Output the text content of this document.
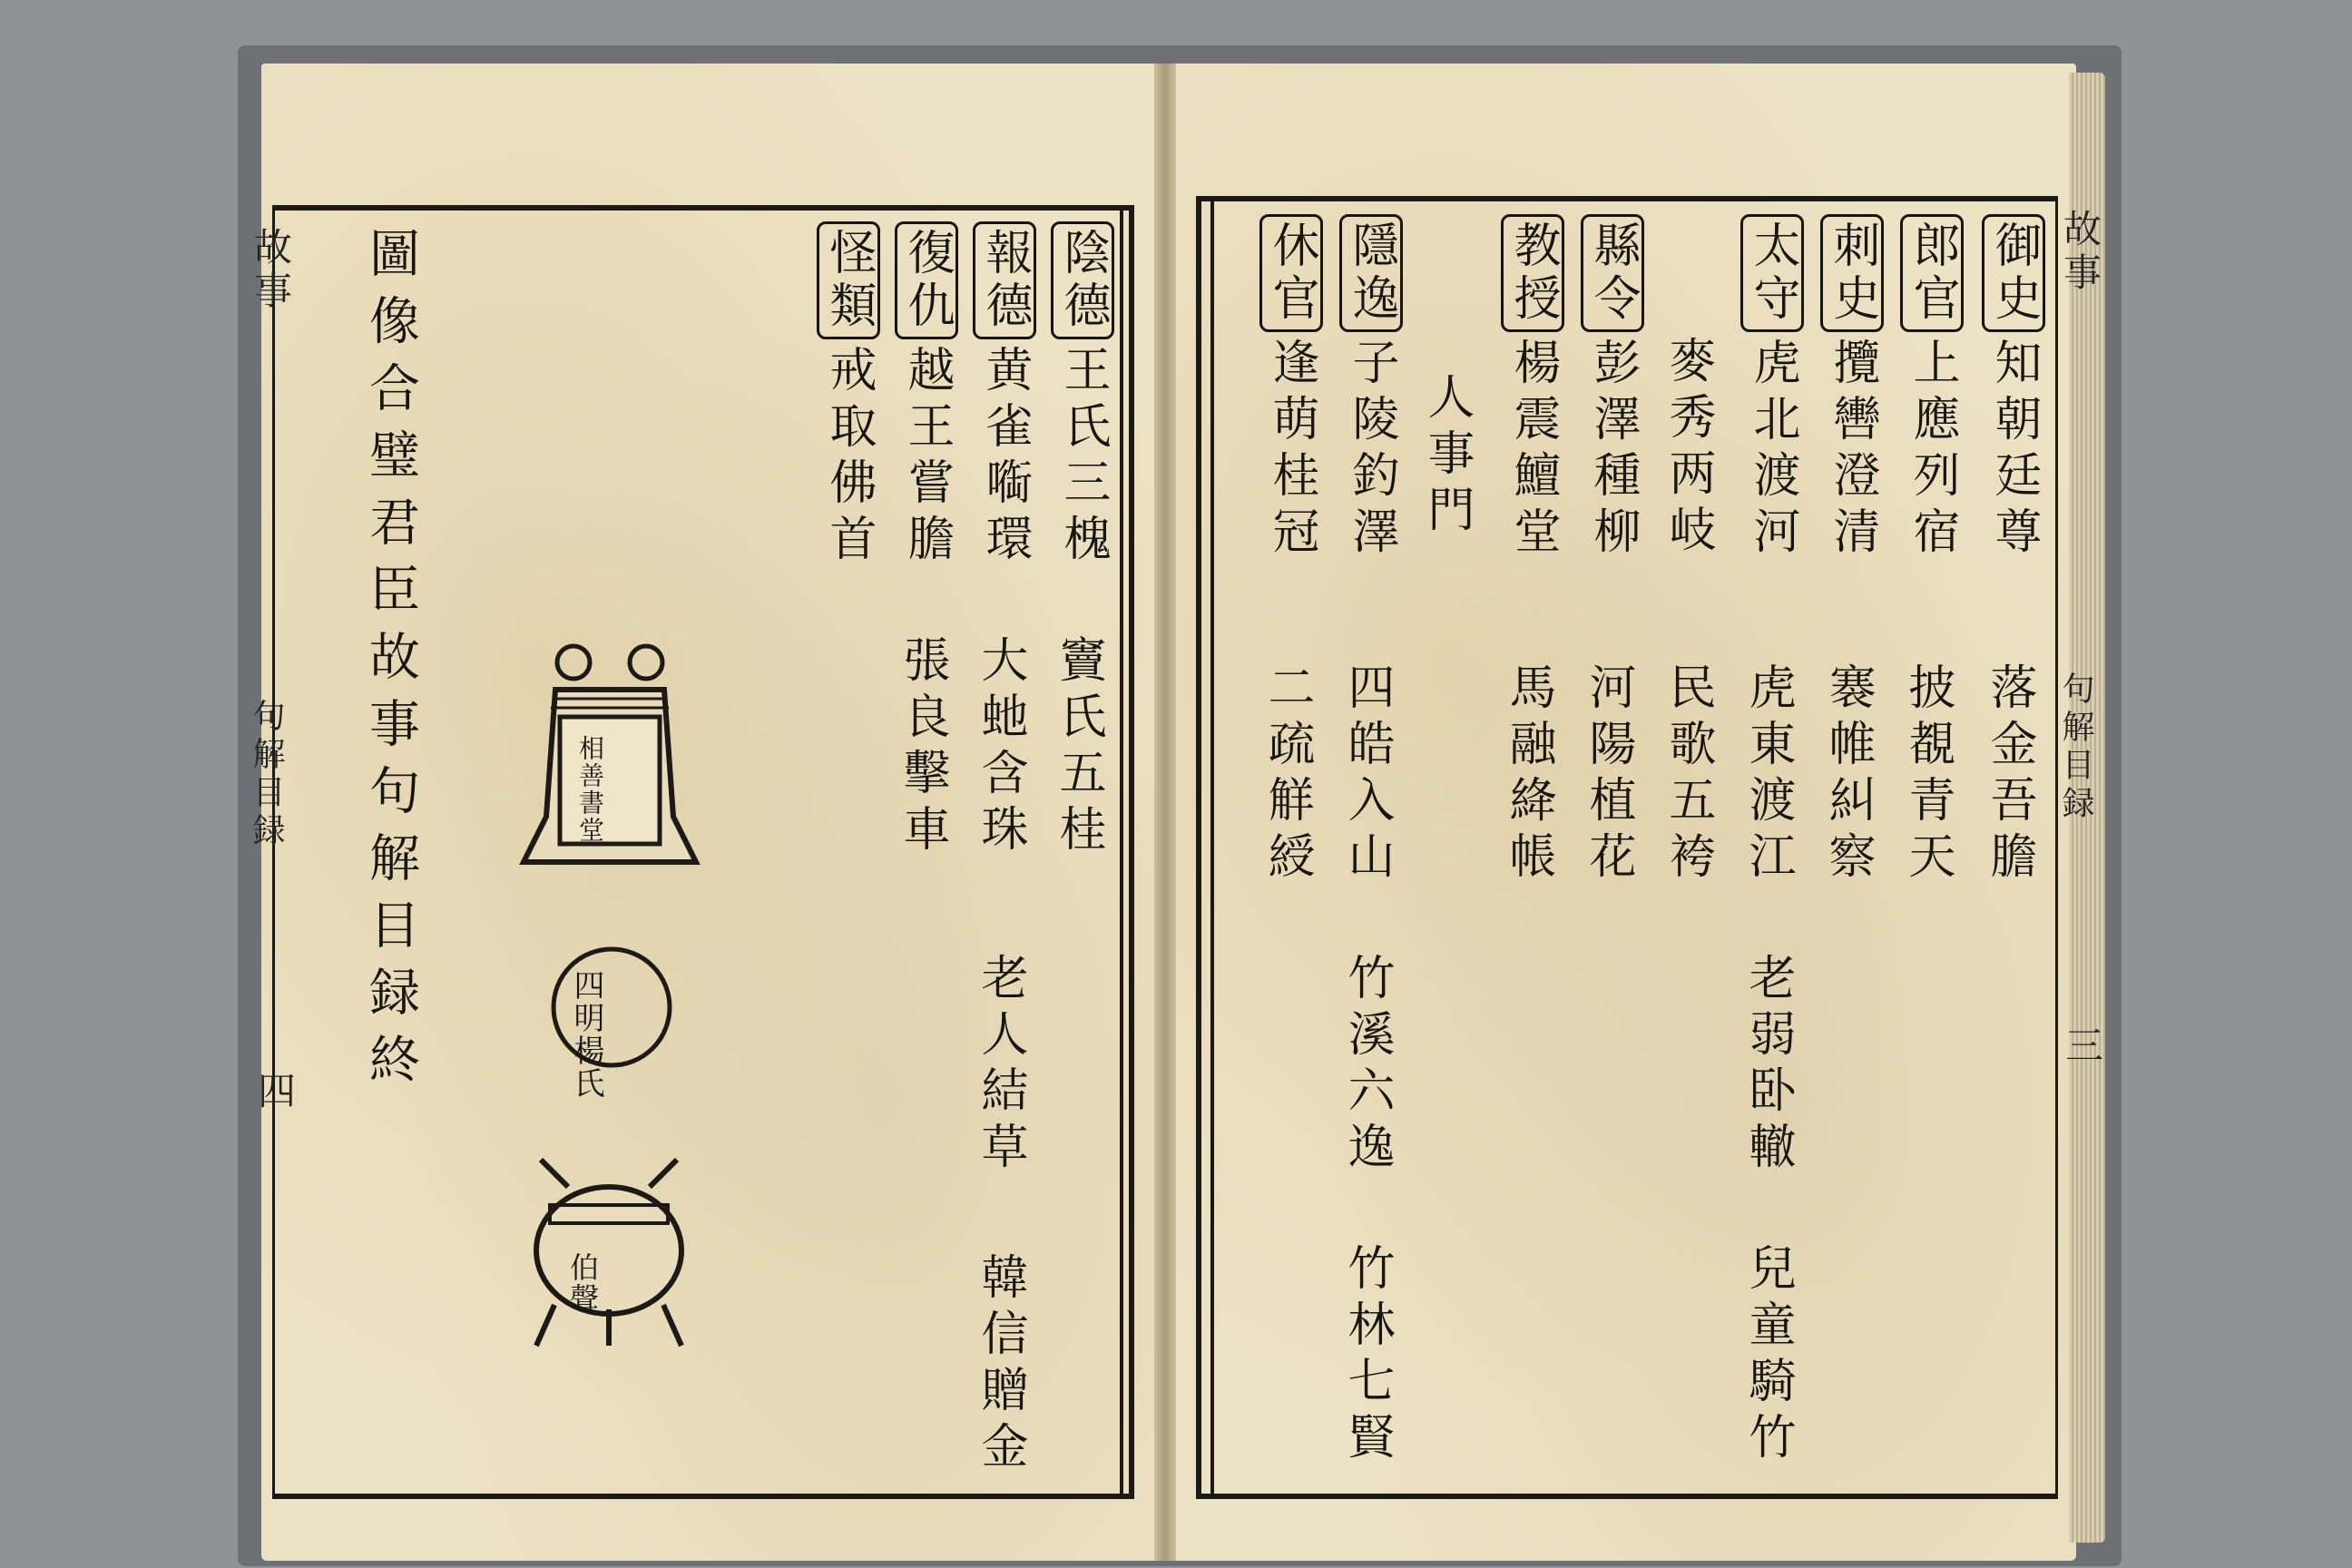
故事
句解目録
四 圖像合璧君臣故事句解目録終	陰德王氏三槐
竇氏五桂
報德黄雀㗸環
大虵含珠
老人結草
韓信贈金
復仇越王嘗膽
張良擊車
怪類戒取佛首
相善書堂
四明楊氏
伯聲
故事
句解目録
三
御史知朝廷尊
落金吾膽
郎官上應列宿
披覩青天
刺史攬轡澄清
褰帷糾察
太守虎北渡河
虎東渡江
老弱卧轍
兒童騎竹
麥秀两岐
民歌五袴
縣令彭澤種柳
河陽植花
教授楊震鱣堂
馬融絳帳
人事門
隱逸子陵釣澤
四皓入山
竹溪六逸
竹林七賢
休官逢萌桂冠
二疏觧綬
